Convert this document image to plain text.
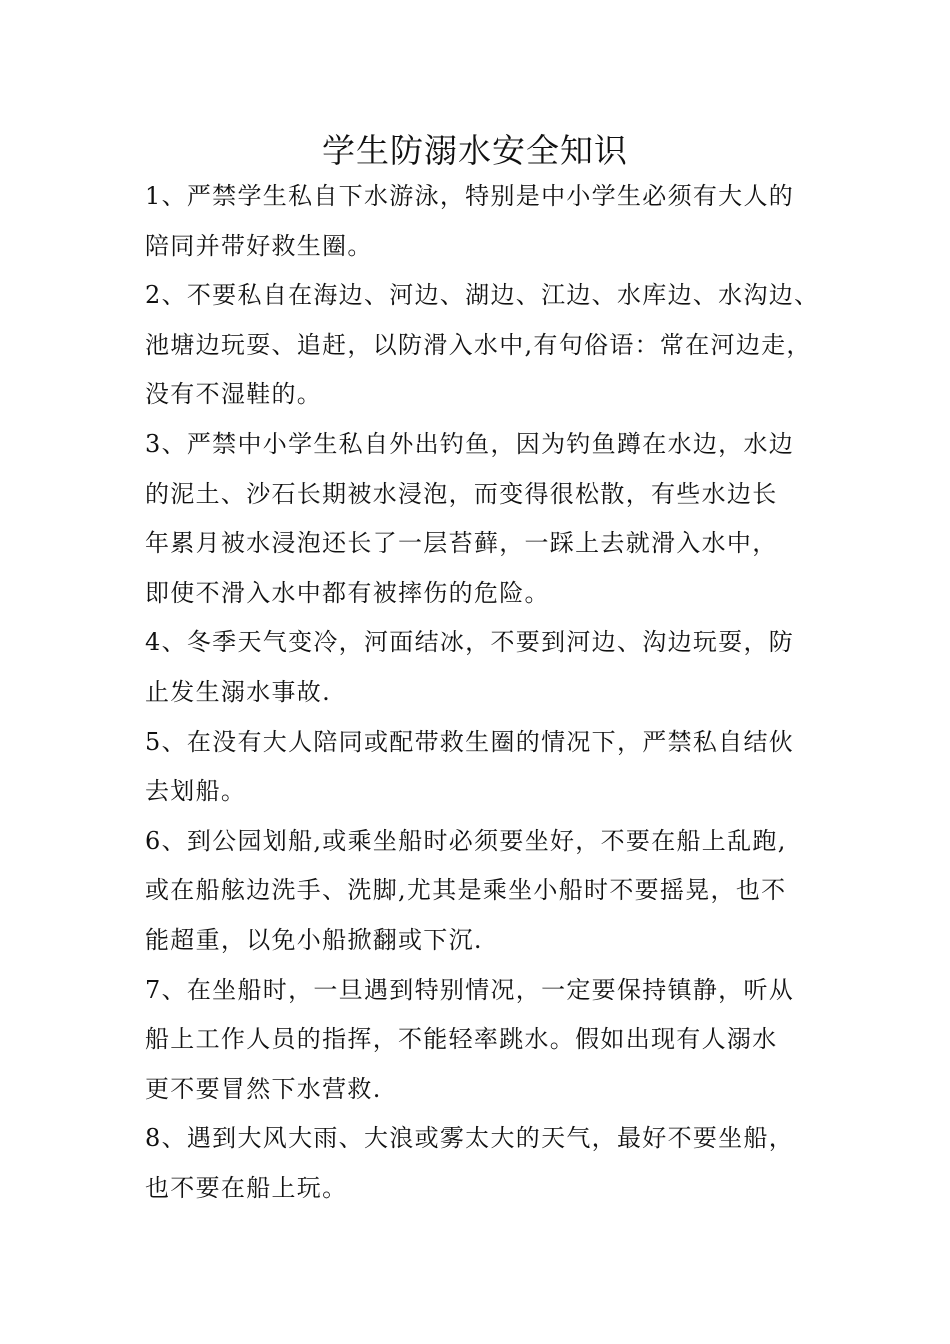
学生防溺水安全知识

1、严禁学生私自下水游泳，特别是中小学生必须有大人的
陪同并带好救生圈。

2、不要私自在海边、河边、湖边、江边、水库边、水沟边、
池塘边玩耍、追赶，以防滑入水中,有句俗语：常在河边走，
没有不湿鞋的。

3、严禁中小学生私自外出钓鱼，因为钓鱼蹲在水边，水边
的泥土、沙石长期被水浸泡，而变得很松散，有些水边长
年累月被水浸泡还长了一层苔藓，一踩上去就滑入水中，
即使不滑入水中都有被摔伤的危险。

4、冬季天气变冷，河面结冰，不要到河边、沟边玩耍，防
止发生溺水事故.

5、在没有大人陪同或配带救生圈的情况下，严禁私自结伙
去划船。

6、到公园划船,或乘坐船时必须要坐好，不要在船上乱跑,
或在船舷边洗手、洗脚,尤其是乘坐小船时不要摇晃，也不
能超重，以免小船掀翻或下沉.

7、在坐船时，一旦遇到特别情况，一定要保持镇静，听从
船上工作人员的指挥，不能轻率跳水。假如出现有人溺水
更不要冒然下水营救.

8、遇到大风大雨、大浪或雾太大的天气，最好不要坐船，
也不要在船上玩。
